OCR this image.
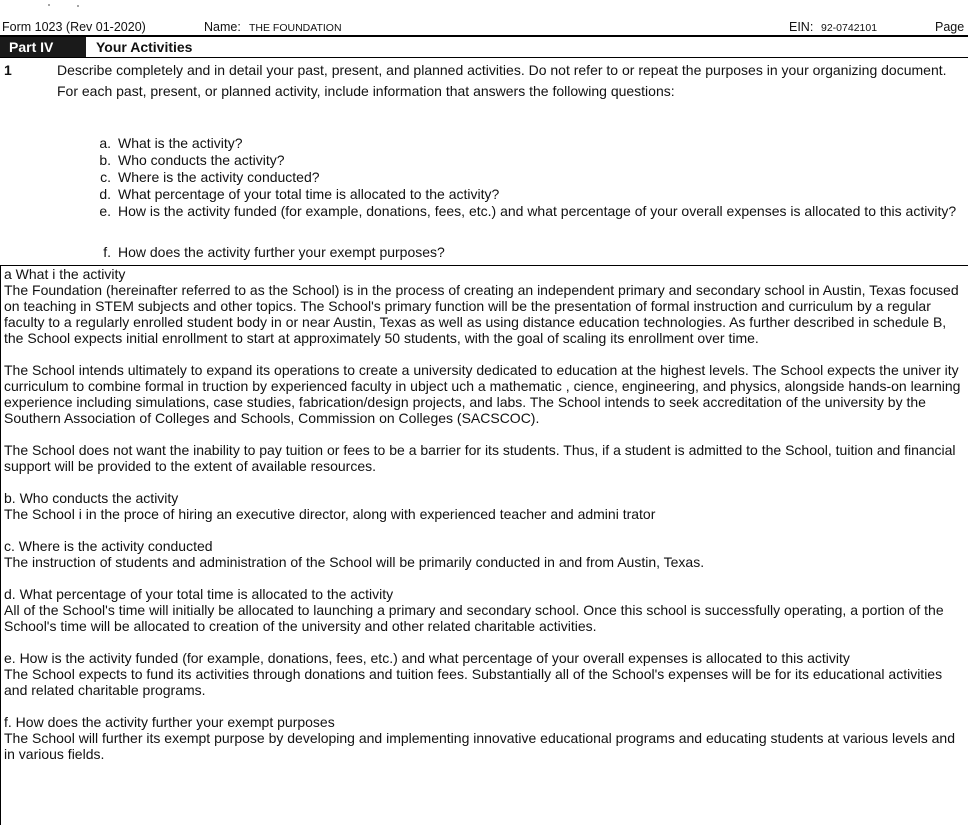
Form 1023 (Rev 01-2020)	Name: THE FOUNDATION	EIN: 92-0742101	Page
Part IV	Your Activities
1	Describe completely and in detail your past, present, and planned activities. Do not refer to or repeat the purposes in your organizing document.

For each past, present, or planned activity, include information that answers the following questions:

a. What is the activity?
b. Who conducts the activity?
c. Where is the activity conducted?
d. What percentage of your total time is allocated to the activity?
e. How is the activity funded (for example, donations, fees, etc.) and what percentage of your overall expenses is allocated to this activity?
f. How does the activity further your exempt purposes?

a What i the activity

The Foundation (hereinafter referred to as the School) is in the process of creating an independent primary and secondary school in Austin, Texas focused on teaching in STEM subjects and other topics. The School's primary function will be the presentation of formal instruction and curriculum by a regular faculty to a regularly enrolled student body in or near Austin, Texas as well as using distance education technologies. As further described in schedule B, the School expects initial enrollment to start at approximately 50 students, with the goal of scaling its enrollment over time.

The School intends ultimately to expand its operations to create a university dedicated to education at the highest levels. The School expects the univer ity curriculum to combine formal in truction by experienced faculty in ubject uch a mathematic , cience, engineering, and physics, alongside hands-on learning experience including simulations, case studies, fabrication/design projects, and labs. The School intends to seek accreditation of the university by the Southern Association of Colleges and Schools, Commission on Colleges (SACSCOC).

The School does not want the inability to pay tuition or fees to be a barrier for its students. Thus, if a student is admitted to the School, tuition and financial support will be provided to the extent of available resources.

b. Who conducts the activity

The School i in the proce of hiring an executive director, along with experienced teacher and admini trator

c. Where is the activity conducted

The instruction of students and administration of the School will be primarily conducted in and from Austin, Texas.

d. What percentage of your total time is allocated to the activity

All of the School's time will initially be allocated to launching a primary and secondary school. Once this school is successfully operating, a portion of the School's time will be allocated to creation of the university and other related charitable activities.

e. How is the activity funded (for example, donations, fees, etc.) and what percentage of your overall expenses is allocated to this activity

The School expects to fund its activities through donations and tuition fees. Substantially all of the School's expenses will be for its educational activities and related charitable programs.

f. How does the activity further your exempt purposes

The School will further its exempt purpose by developing and implementing innovative educational programs and educating students at various levels and in various fields.
